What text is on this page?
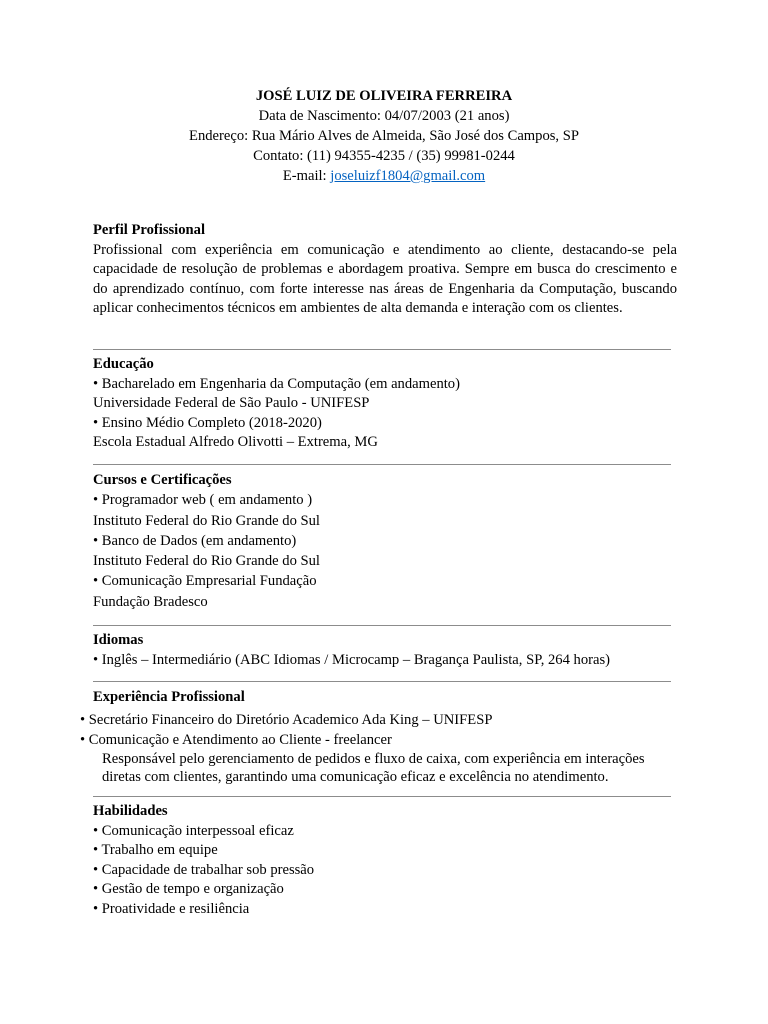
JOSÉ LUIZ DE OLIVEIRA FERREIRA
Data de Nascimento: 04/07/2003 (21 anos)
Endereço: Rua Mário Alves de Almeida, São José dos Campos, SP
Contato: (11) 94355-4235 / (35) 99981-0244
E-mail: joseluizf1804@gmail.com
Perfil Profissional
Profissional com experiência em comunicação e atendimento ao cliente, destacando-se pela capacidade de resolução de problemas e abordagem proativa. Sempre em busca do crescimento e do aprendizado contínuo, com forte interesse nas áreas de Engenharia da Computação, buscando aplicar conhecimentos técnicos em ambientes de alta demanda e interação com os clientes.
Educação
• Bacharelado em Engenharia da Computação (em andamento)
Universidade Federal de São Paulo - UNIFESP
• Ensino Médio Completo (2018-2020)
Escola Estadual Alfredo Olivotti – Extrema, MG
Cursos e Certificações
• Programador web ( em andamento )
Instituto Federal do Rio Grande do Sul
• Banco de Dados (em andamento)
Instituto Federal do Rio Grande do Sul
• Comunicação Empresarial Fundação
Fundação Bradesco
Idiomas
• Inglês – Intermediário (ABC Idiomas / Microcamp – Bragança Paulista, SP, 264 horas)
Experiência Profissional
• Secretário Financeiro do Diretório Academico Ada King – UNIFESP
• Comunicação e Atendimento ao Cliente - freelancer
Responsável pelo gerenciamento de pedidos e fluxo de caixa, com experiência em interações
diretas com clientes, garantindo uma comunicação eficaz e excelência no atendimento.
Habilidades
• Comunicação interpessoal eficaz
• Trabalho em equipe
• Capacidade de trabalhar sob pressão
• Gestão de tempo e organização
• Proatividade e resiliência
